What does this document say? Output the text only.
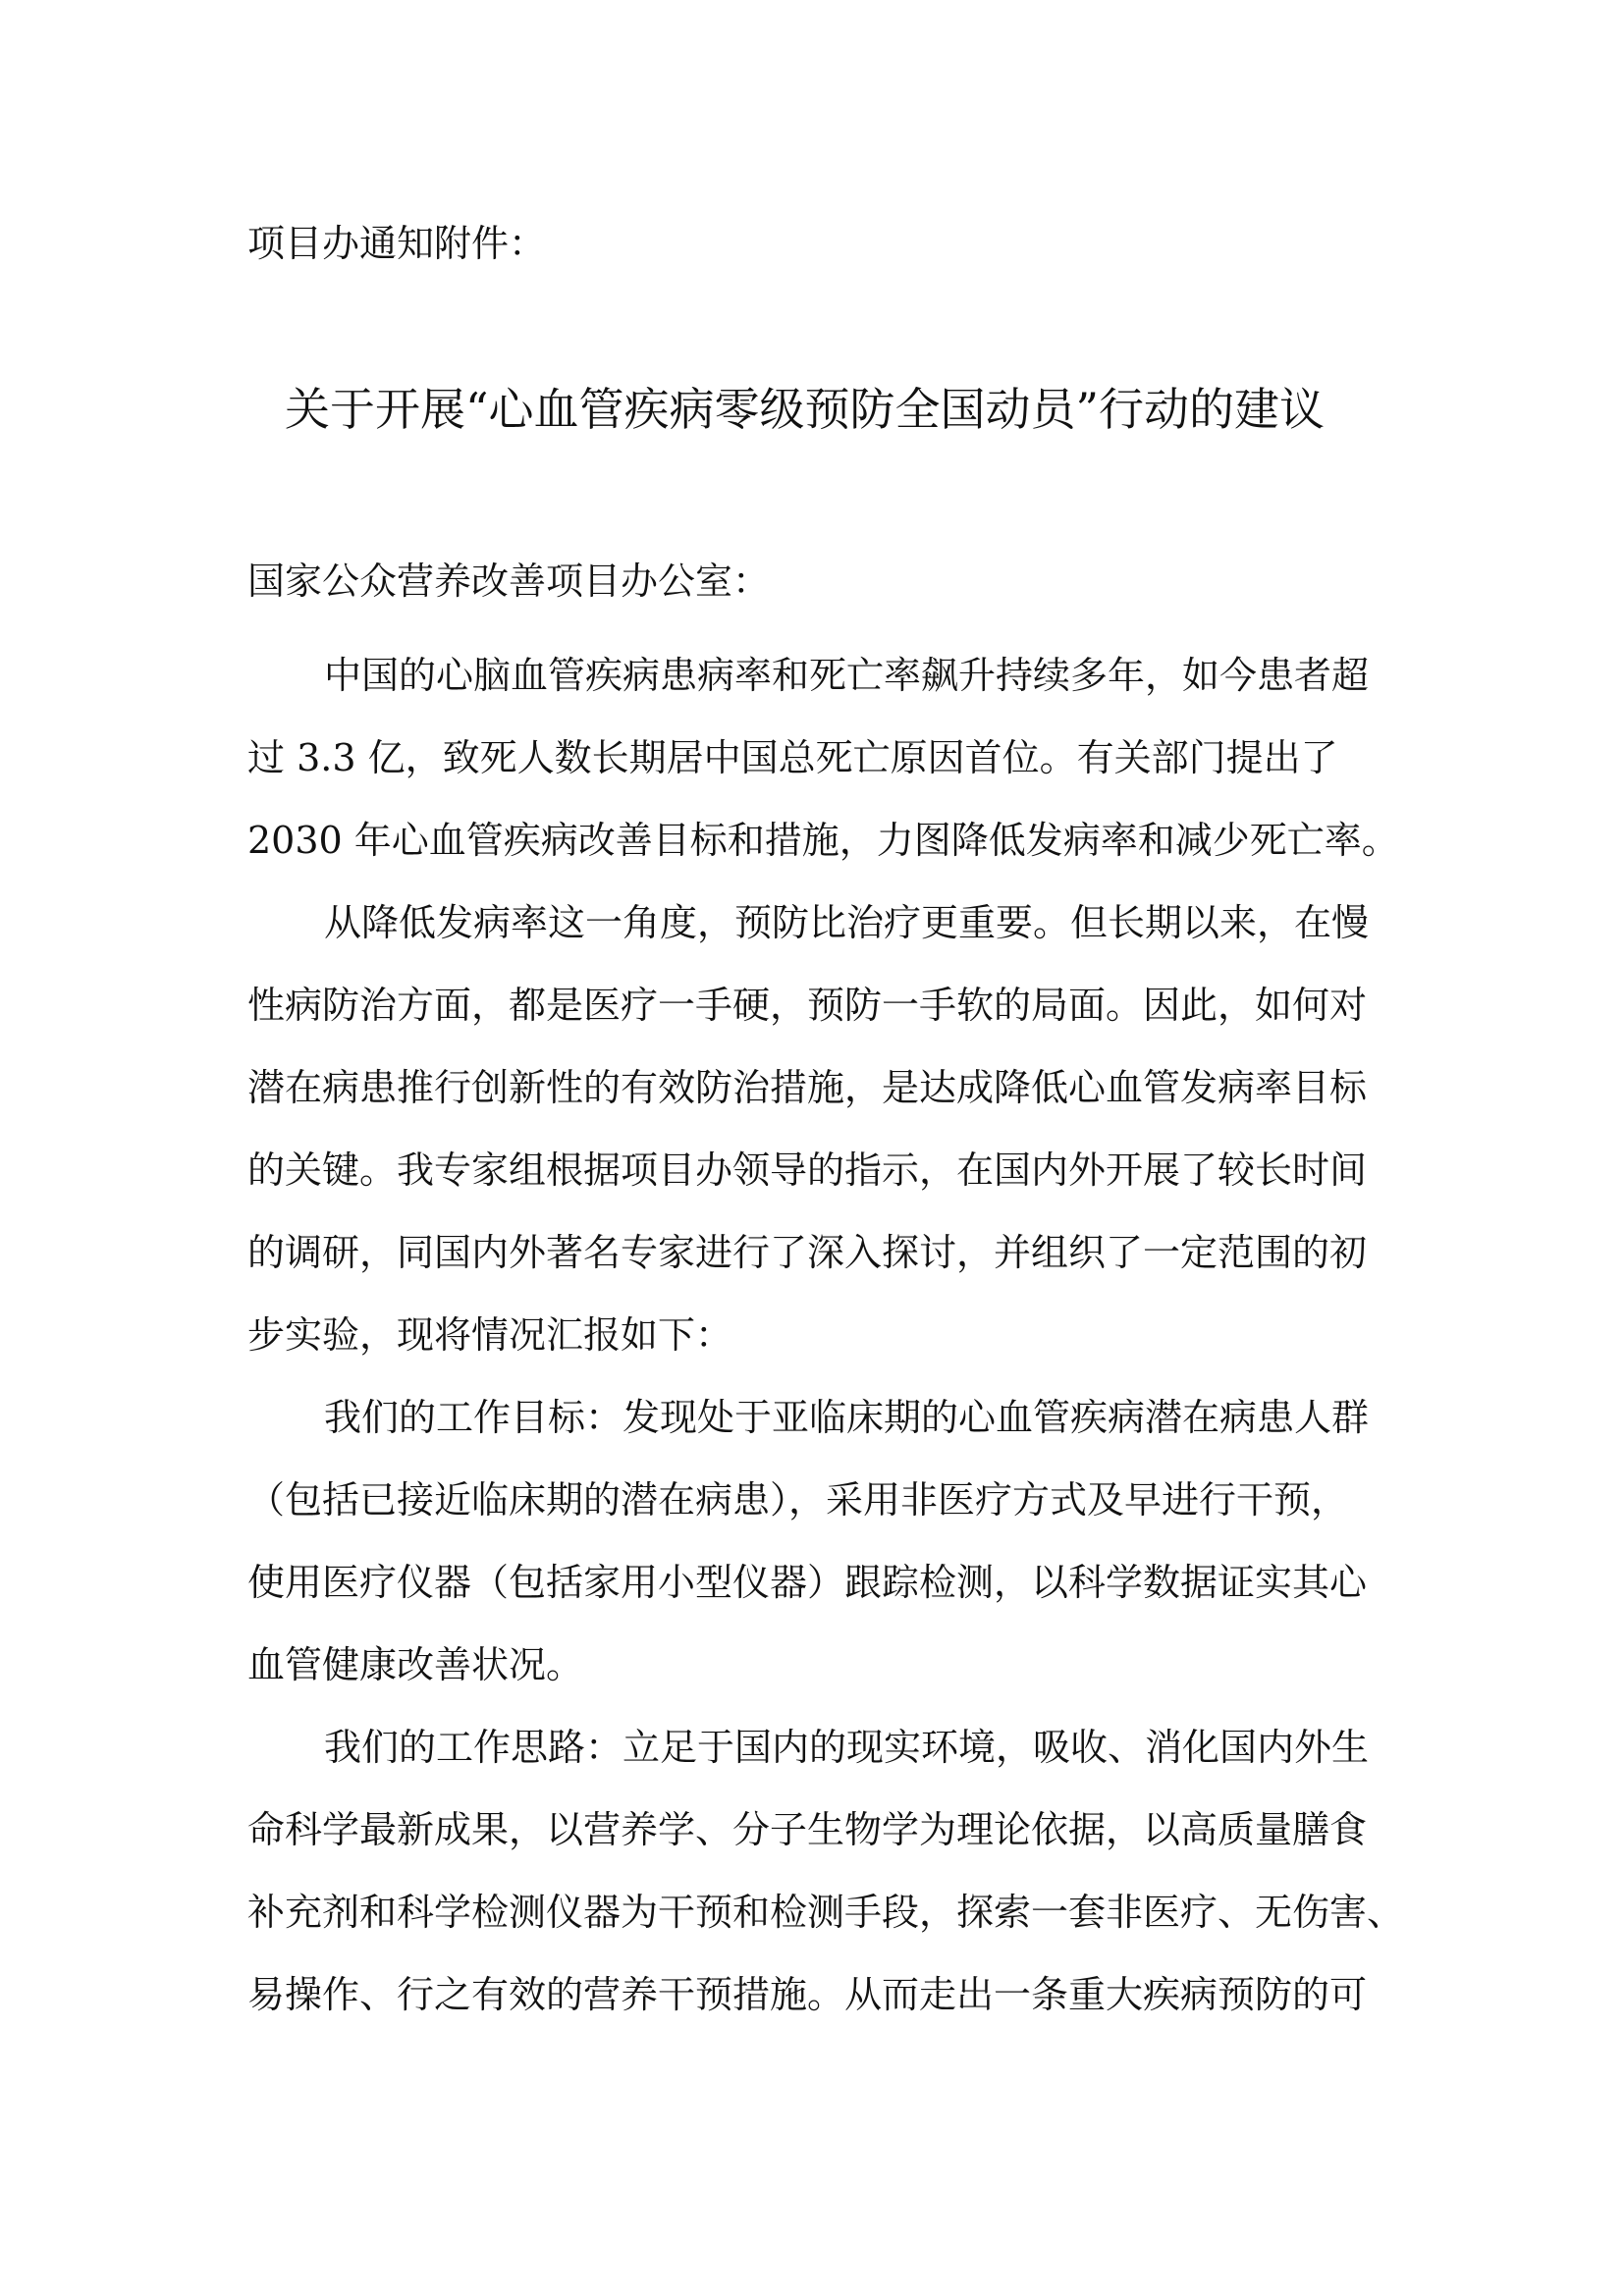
项目办通知附件：

关于开展“心血管疾病零级预防全国动员”行动的建议

国家公众营养改善项目办公室：

中国的心脑血管疾病患病率和死亡率飙升持续多年，如今患者超
过 3.3 亿，致死人数长期居中国总死亡原因首位。有关部门提出了
2030 年心血管疾病改善目标和措施，力图降低发病率和减少死亡率。
从降低发病率这一角度，预防比治疗更重要。但长期以来，在慢
性病防治方面，都是医疗一手硬，预防一手软的局面。因此，如何对
潜在病患推行创新性的有效防治措施，是达成降低心血管发病率目标
的关键。我专家组根据项目办领导的指示，在国内外开展了较长时间
的调研，同国内外著名专家进行了深入探讨，并组织了一定范围的初
步实验，现将情况汇报如下：
我们的工作目标：发现处于亚临床期的心血管疾病潜在病患人群
（包括已接近临床期的潜在病患），采用非医疗方式及早进行干预，
使用医疗仪器（包括家用小型仪器）跟踪检测，以科学数据证实其心
血管健康改善状况。
我们的工作思路：立足于国内的现实环境，吸收、消化国内外生
命科学最新成果，以营养学、分子生物学为理论依据，以高质量膳食
补充剂和科学检测仪器为干预和检测手段，探索一套非医疗、无伤害、
易操作、行之有效的营养干预措施。从而走出一条重大疾病预防的可
